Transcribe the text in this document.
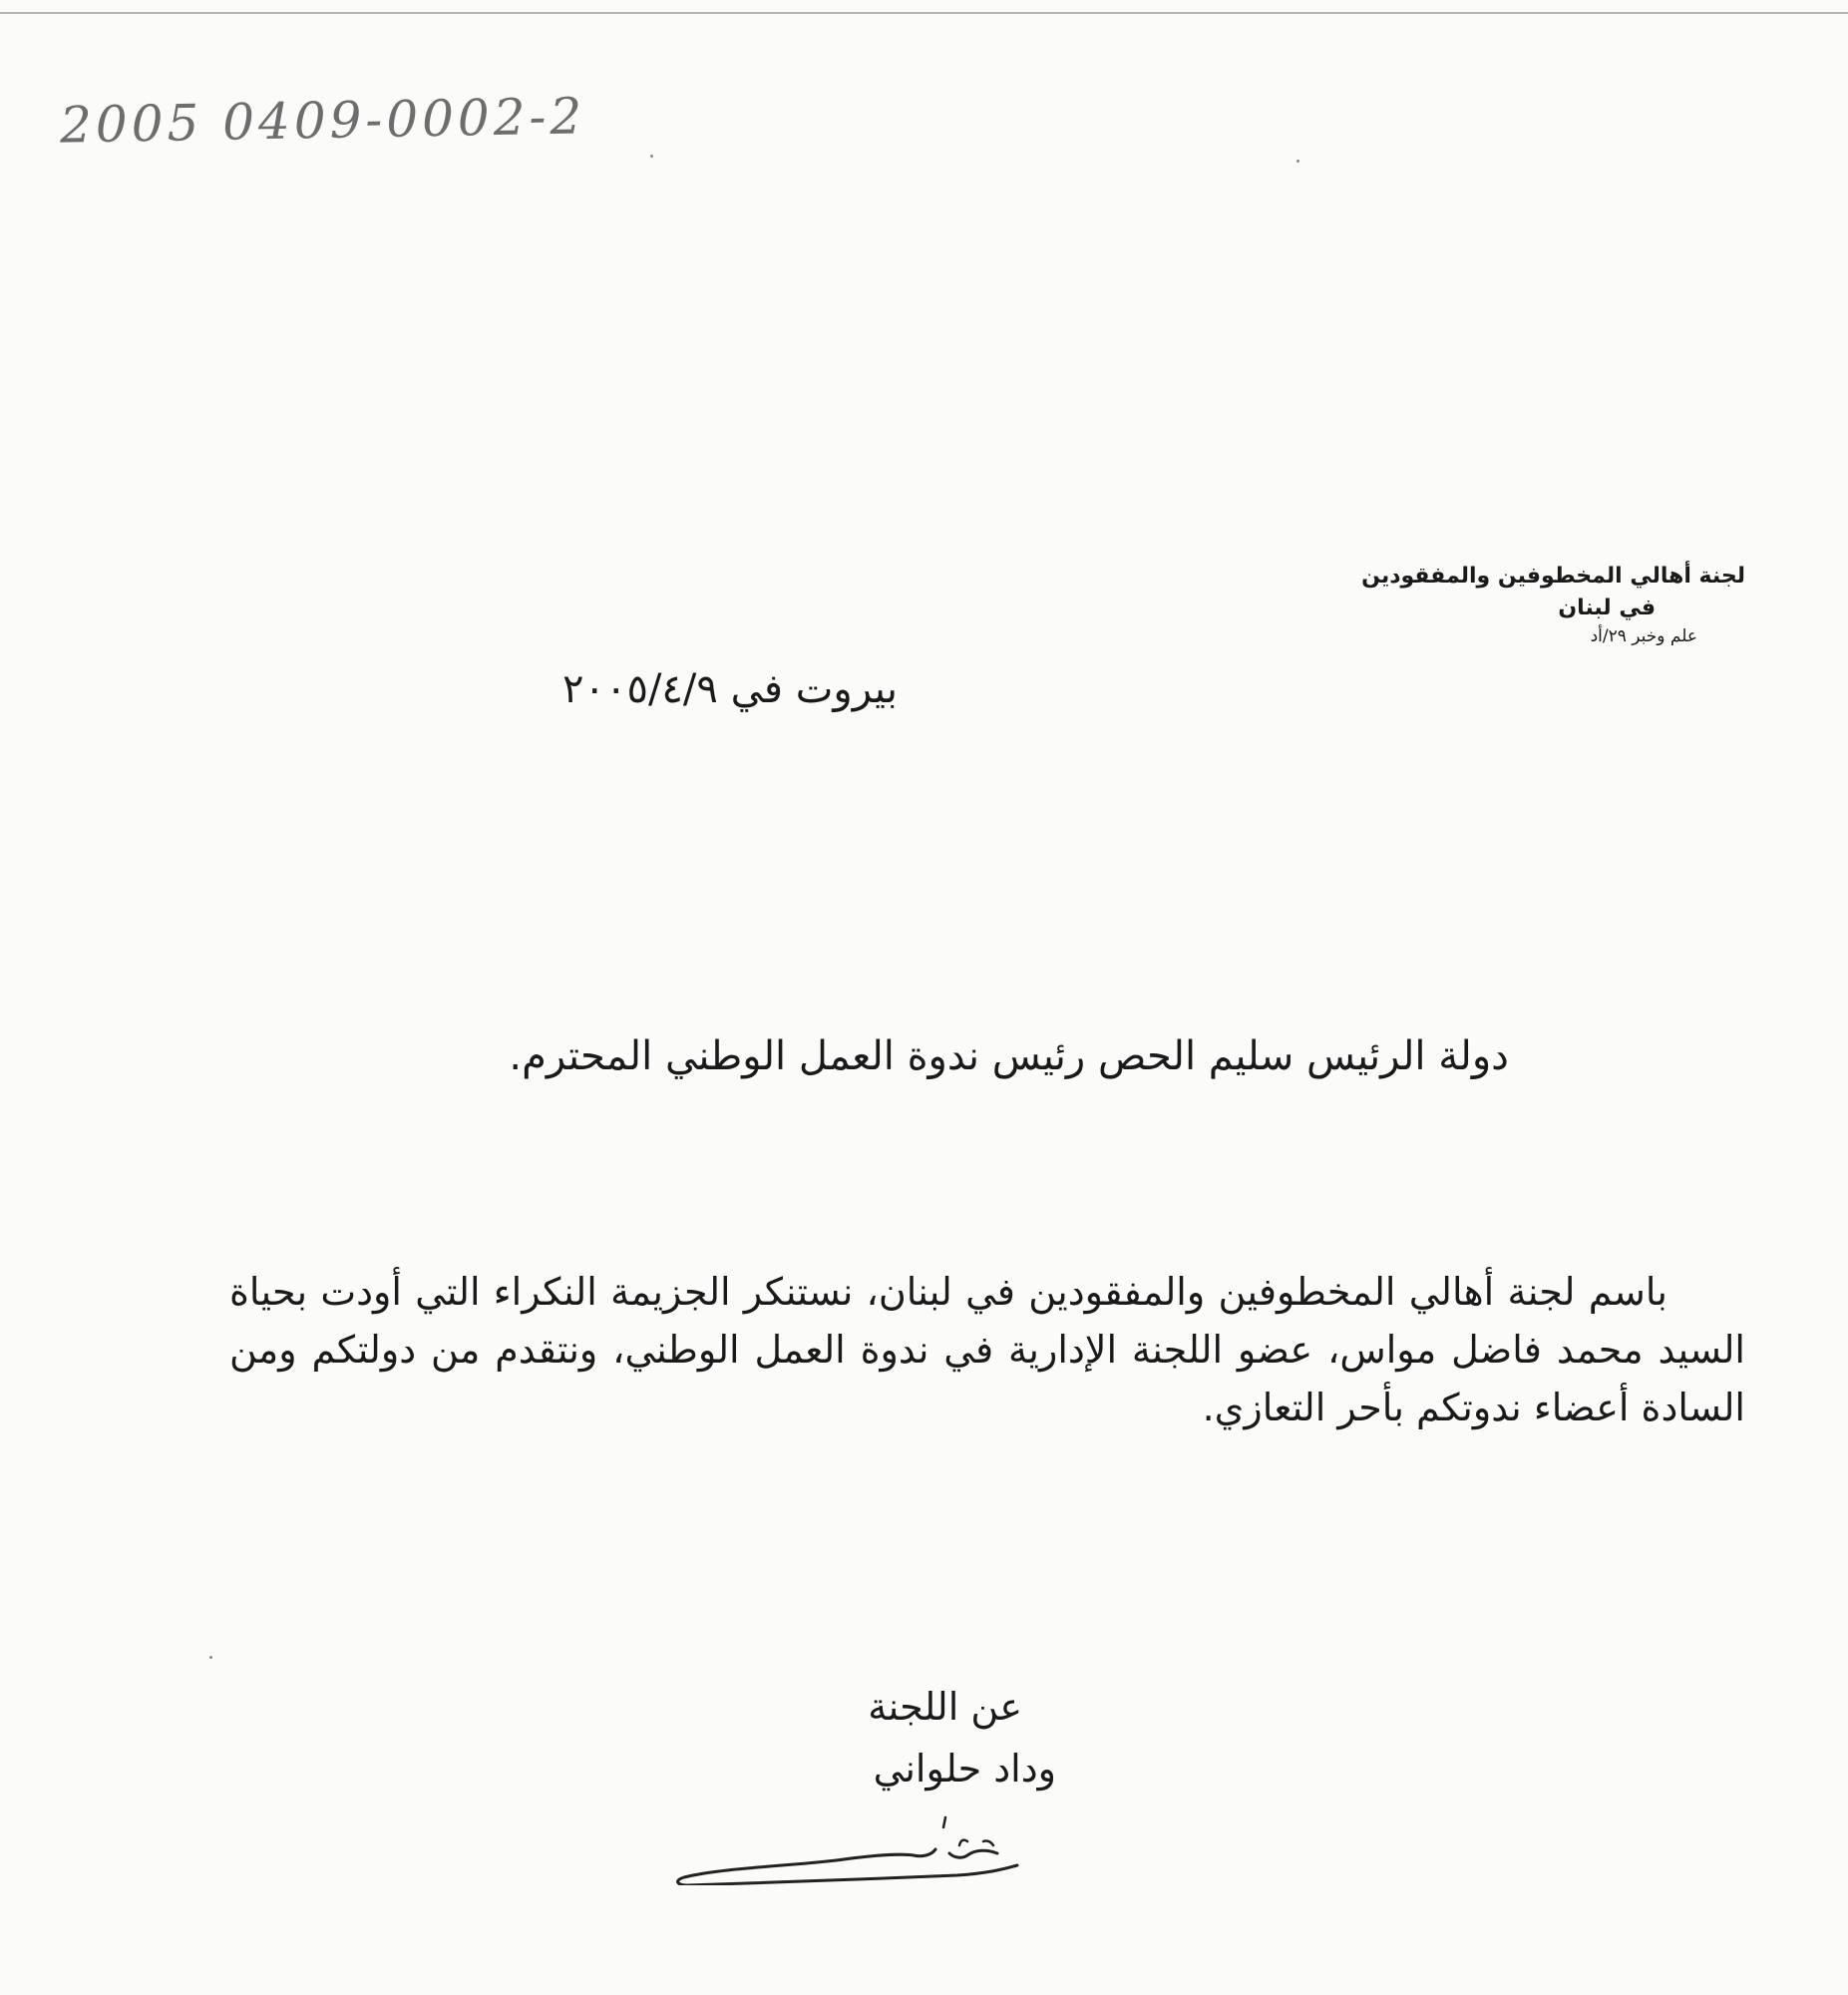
2005 0409-0002-2
لجنة أهالي المخطوفين والمفقودين
في لبنان
علم وخبر ٢٩/أد
بيروت في ٢٠٠٥/٤/٩
دولة الرئيس سليم الحص رئيس ندوة العمل الوطني المحترم.

باسم لجنة أهالي المخطوفين والمفقودين في لبنان، نستنكر الجزيمة النكراء التي أودت بحياة السيد محمد فاضل مواس، عضو اللجنة الإدارية في ندوة العمل الوطني، ونتقدم من دولتكم ومن السادة أعضاء ندوتكم بأحر التعازي.

عن اللجنة
وداد حلواني
